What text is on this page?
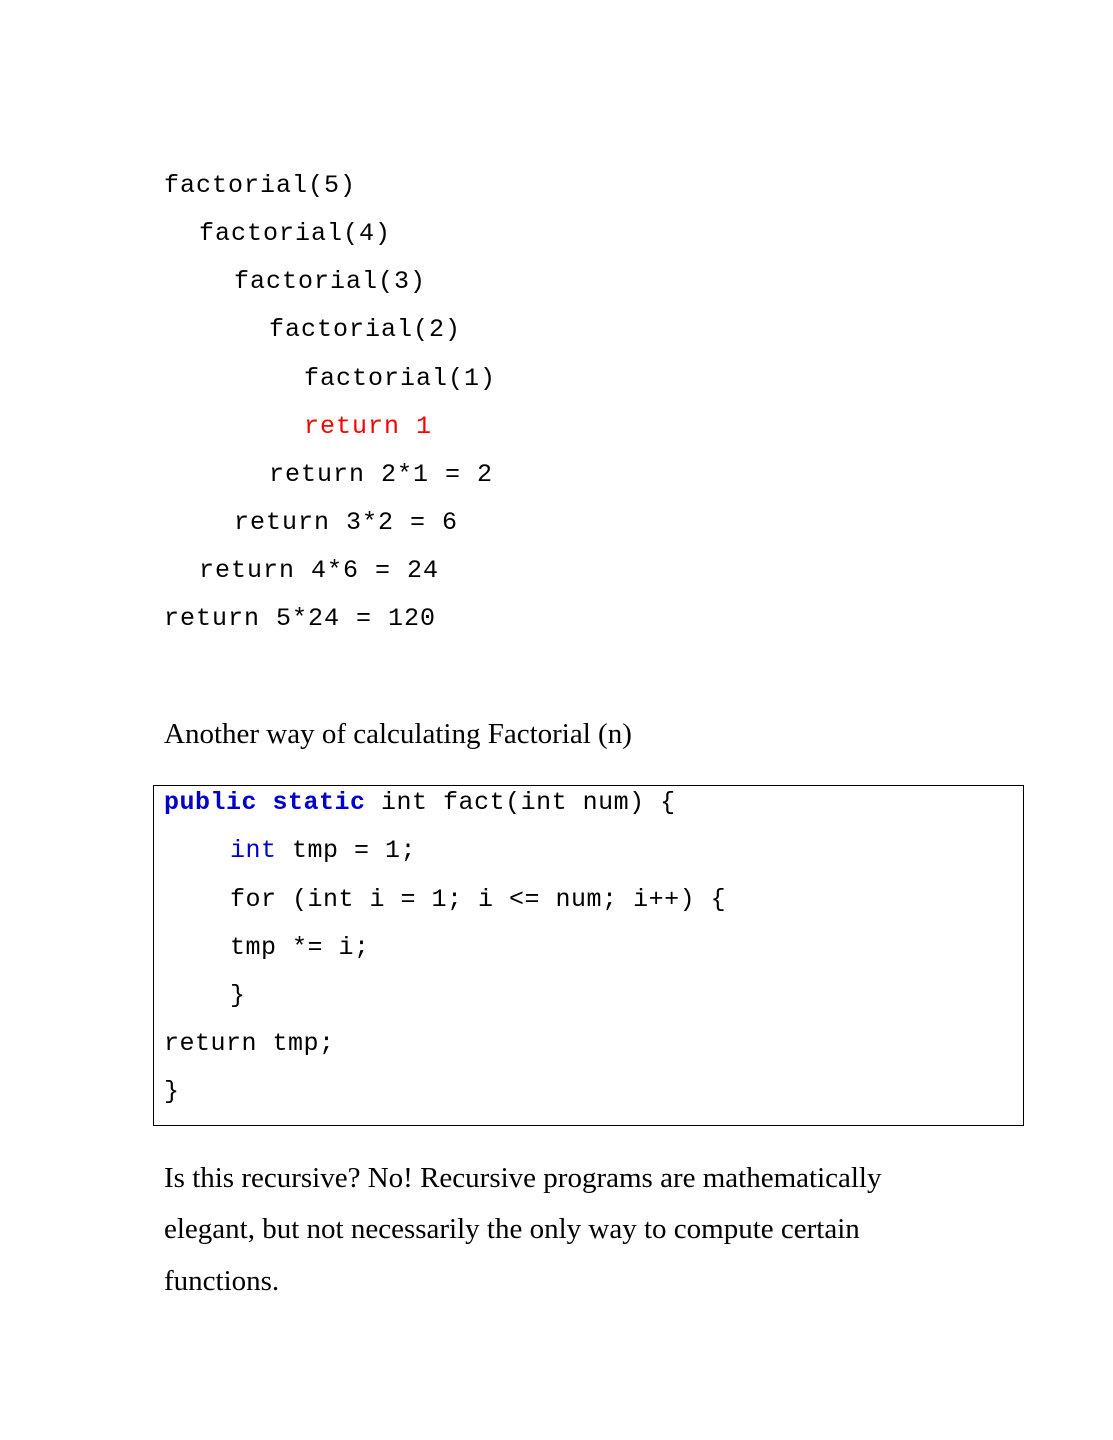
factorial(5)
factorial(4)
factorial(3)
factorial(2)
factorial(1)
return 1
return 2*1 = 2
return 3*2 = 6
return 4*6 = 24
return 5*24 = 120
Another way of calculating Factorial (n)
public static int fact(int num) {
int tmp = 1;
for (int i = 1; i <= num; i++) {
tmp *= i;
}
return tmp;
}
Is this recursive? No! Recursive programs are mathematically
elegant, but not necessarily the only way to compute certain
functions.
